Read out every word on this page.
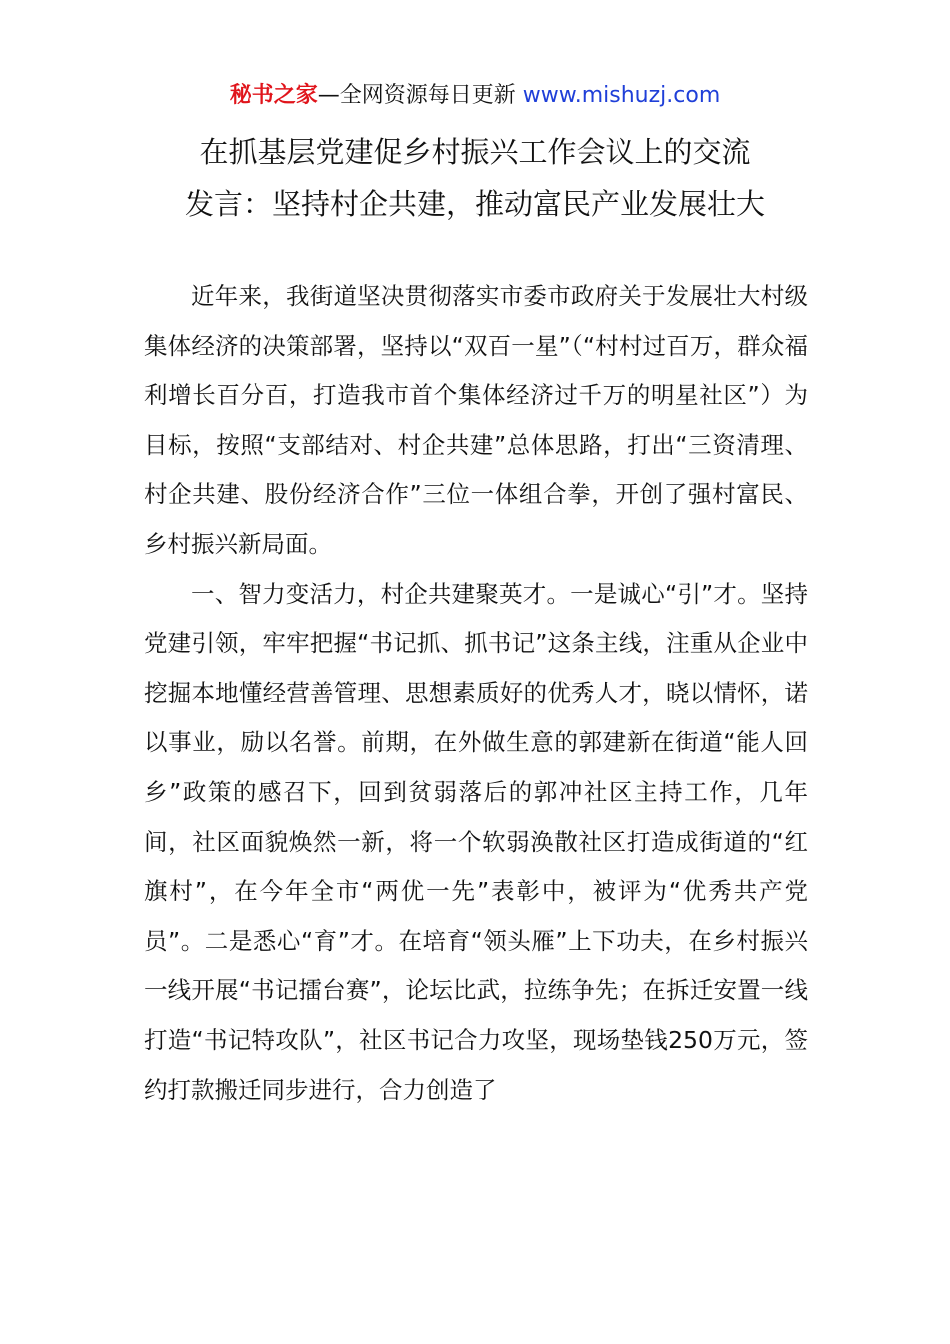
秘书之家—全网资源每日更新 www.mishuzj.com
在抓基层党建促乡村振兴工作会议上的交流
发言：坚持村企共建，推动富民产业发展壮大

近年来，我街道坚决贯彻落实市委市政府关于发展壮大村级集体经济的决策部署，坚持以“双百一星”（“村村过百万，群众福利增长百分百，打造我市首个集体经济过千万的明星社区”）为目标，按照“支部结对、村企共建”总体思路，打出“三资清理、村企共建、股份经济合作”三位一体组合拳，开创了强村富民、乡村振兴新局面。

一、智力变活力，村企共建聚英才。一是诚心“引”才。坚持党建引领，牢牢把握“书记抓、抓书记”这条主线，注重从企业中挖掘本地懂经营善管理、思想素质好的优秀人才，晓以情怀，诺以事业，励以名誉。前期，在外做生意的郭建新在街道“能人回乡”政策的感召下，回到贫弱落后的郭冲社区主持工作，几年间，社区面貌焕然一新，将一个软弱涣散社区打造成街道的“红旗村”，在今年全市“两优一先”表彰中，被评为“优秀共产党员”。二是悉心“育”才。在培育“领头雁”上下功夫，在乡村振兴一线开展“书记擂台赛”，论坛比武，拉练争先；在拆迁安置一线打造“书记特攻队”，社区书记合力攻坚，现场垫钱250万元，签约打款搬迁同步进行，合力创造了
